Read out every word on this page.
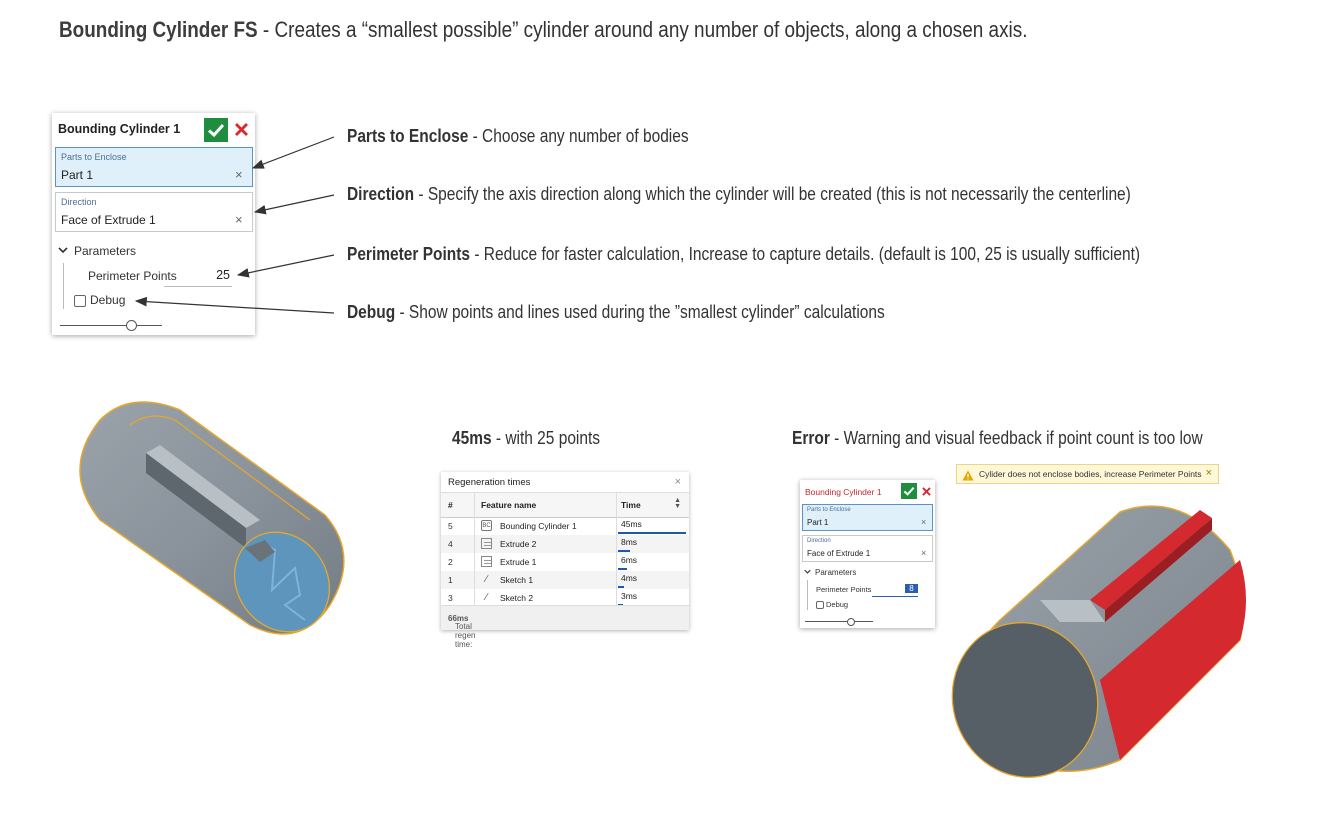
Bounding Cylinder FS - Creates a “smallest possible” cylinder around any number of objects, along a chosen axis.
Bounding Cylinder 1
Parts to Enclose
Part 1	×
Direction
Face of Extrude 1	×
Parameters
Perimeter Points	25
Debug
Parts to Enclose - Choose any number of bodies
Direction - Specify the axis direction along which the cylinder will be created (this is not necessarily the centerline)
Perimeter Points - Reduce for faster calculation, Increase to capture details. (default is 100, 25 is usually sufficient)
Debug - Show points and lines used during the ”smallest cylinder” calculations
45ms - with 25 points
Regeneration times	×
#	Feature name	Time	▲
▼
5	BC Bounding Cylinder 1	45ms
4	Extrude 2	8ms
2	Extrude 1	6ms
1	∕	Sketch 1	4ms
3	∕	Sketch 2	3ms
Total regen time:
66ms
Error - Warning and visual feedback if point count is too low
Cylider does not enclose bodies, increase Perimeter Points ×
Bounding Cylinder 1
Parts to Enclose
Part 1	×
Direction
Face of Extrude 1	×
Parameters
Perimeter Points	8
Debug
